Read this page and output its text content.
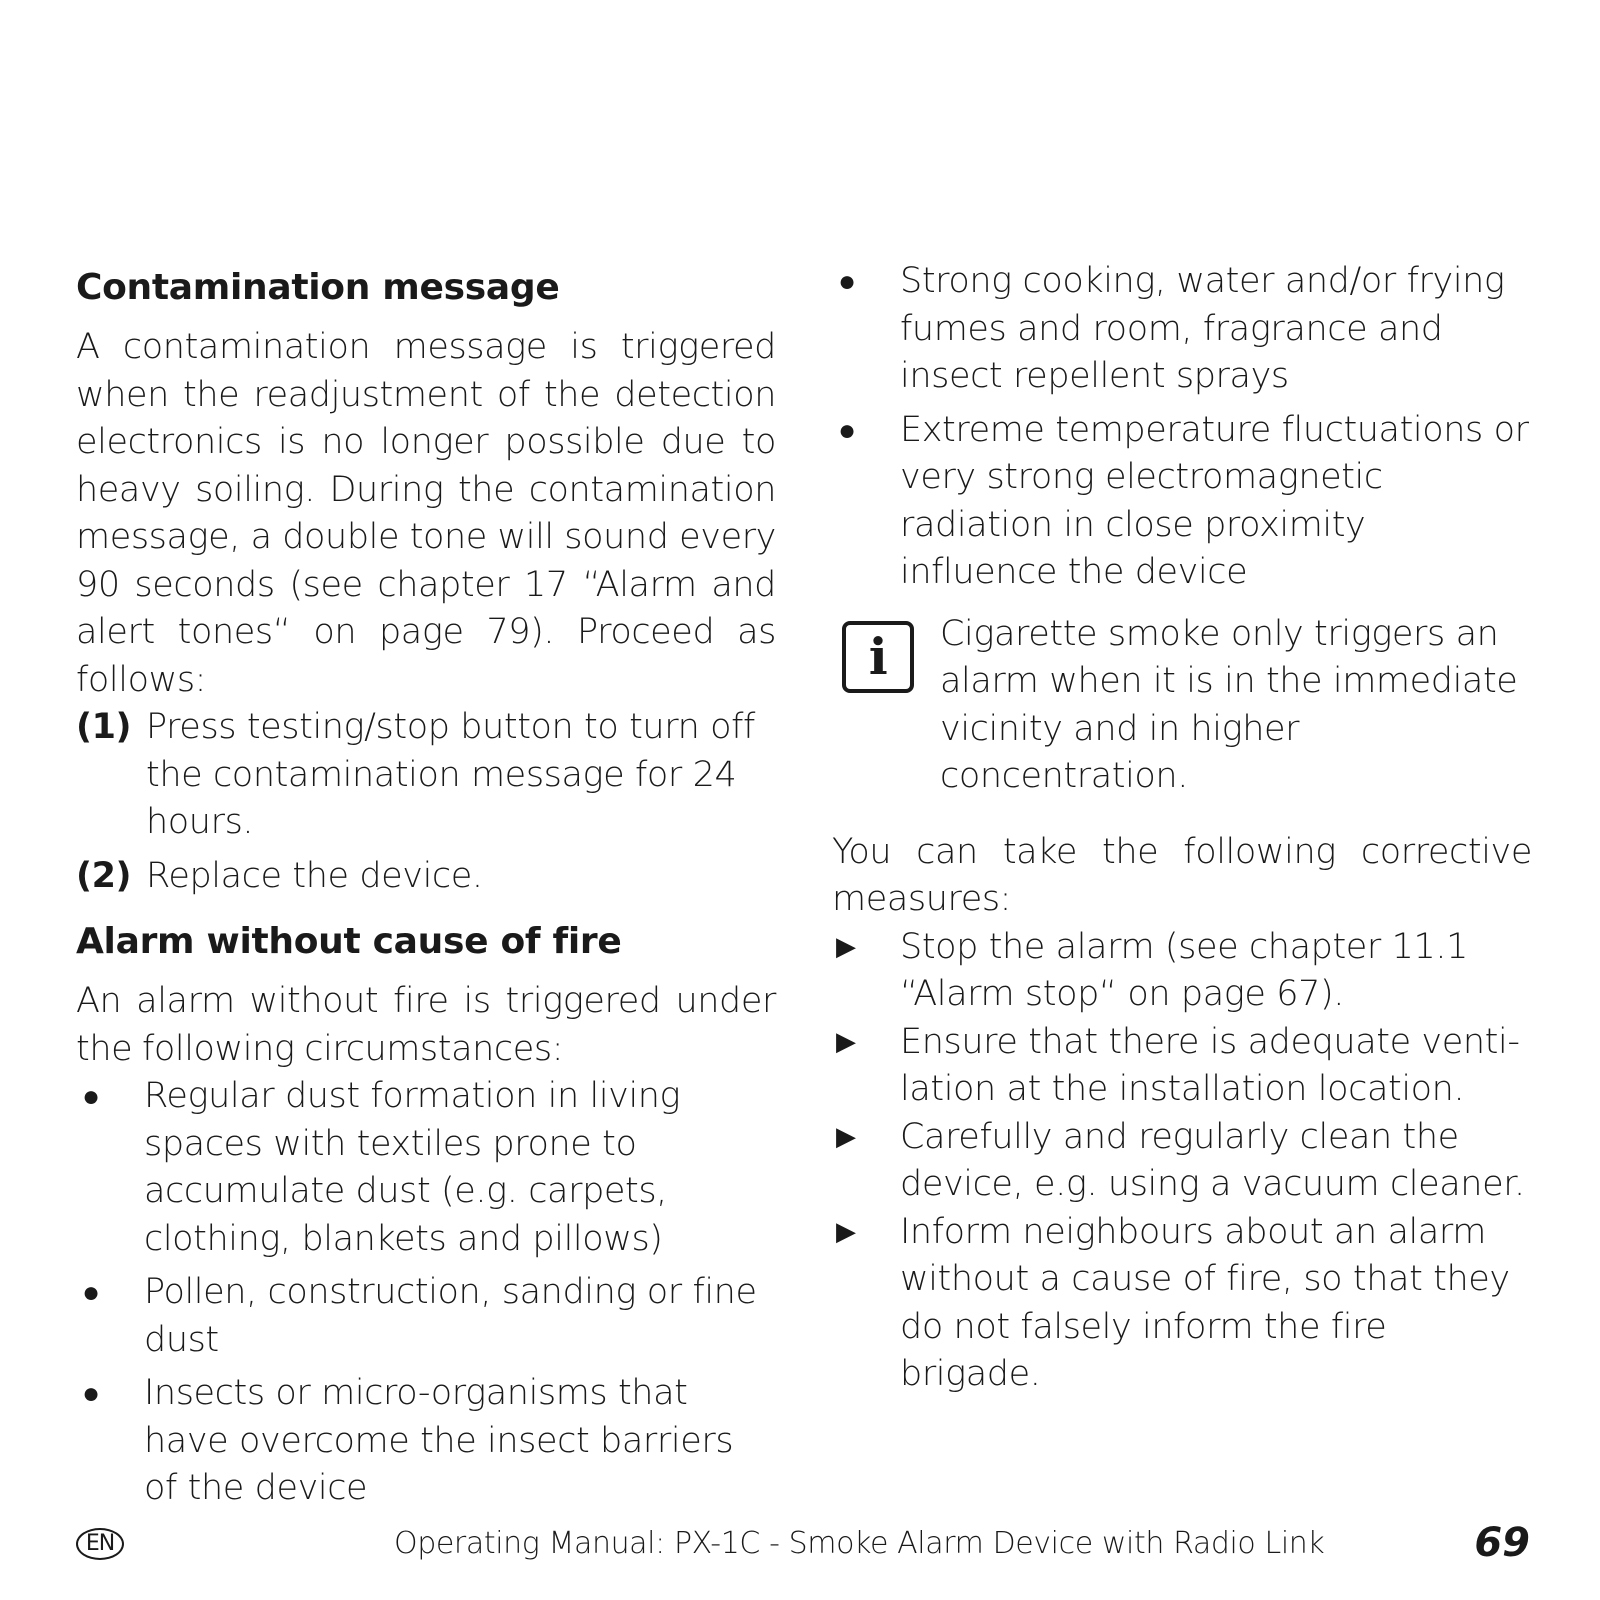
Contamination message

A contamination message is triggered when the readjustment of the detection electronics is no longer possible due to heavy soiling. During the contamination message, a double tone will sound every 90 seconds (see chapter 17 “Alarm and alert tones“ on page 79). Proceed as follows:

(1) Press testing/stop button to turn off the contamination message for 24 hours.
(2) Replace the device.
Alarm without cause of fire

An alarm without fire is triggered under the following circumstances:

● Regular dust formation in living spaces with textiles prone to accumulate dust (e.g. carpets, clothing, blankets and pillows)
● Pollen, construction, sanding or fine dust
● Insects or micro-organisms that have overcome the insect barriers of the device
● Strong cooking, water and/or frying fumes and room, fragrance and insect repellent sprays
● Extreme temperature fluctuations or very strong electromagnetic radiation in close proximity influence the device
i	Cigarette smoke only triggers an alarm when it is in the immediate vicinity and in higher concentration.

You can take the following corrective measures:

▶ Stop the alarm (see chapter 11.1 “Alarm stop“ on page 67).
▶ Ensure that there is adequate ventilation at the installation location.
▶ Carefully and regularly clean the device, e.g. using a vacuum cleaner.
▶ Inform neighbours about an alarm without a cause of fire, so that they do not falsely inform the fire brigade.
EN	Operating Manual: PX-1C - Smoke Alarm Device with Radio Link	69
